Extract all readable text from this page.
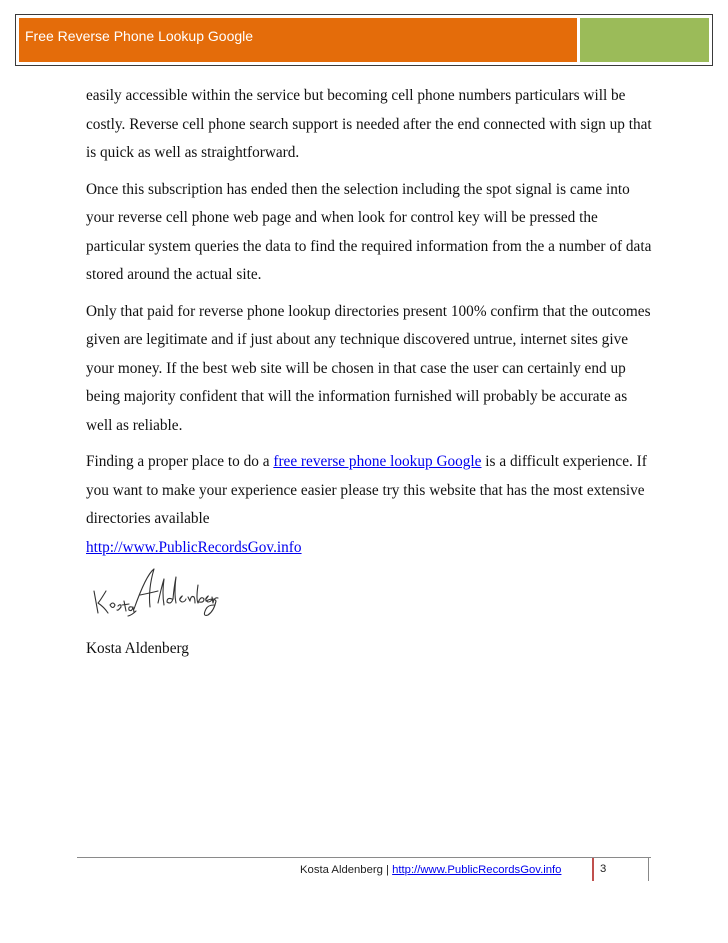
Free Reverse Phone Lookup Google

easily accessible within the service but becoming cell phone numbers particulars will be costly. Reverse cell phone search support is needed after the end connected with sign up that is quick as well as straightforward.

Once this subscription has ended then the selection including the spot signal is came into your reverse cell phone web page and when look for control key will be pressed the particular system queries the data to find the required information from the a number of data stored around the actual site.

Only that paid for reverse phone lookup directories present 100% confirm that the outcomes given are legitimate and if just about any technique discovered untrue, internet sites give your money. If the best web site will be chosen in that case the user can certainly end up being majority confident that will the information furnished will probably be accurate as well as reliable.

Finding a proper place to do a free reverse phone lookup Google is a difficult experience. If you want to make your experience easier please try this website that has the most extensive directories available
http://www.PublicRecordsGov.info

Kosta Aldenberg
Kosta Aldenberg | http://www.PublicRecordsGov.info	3
